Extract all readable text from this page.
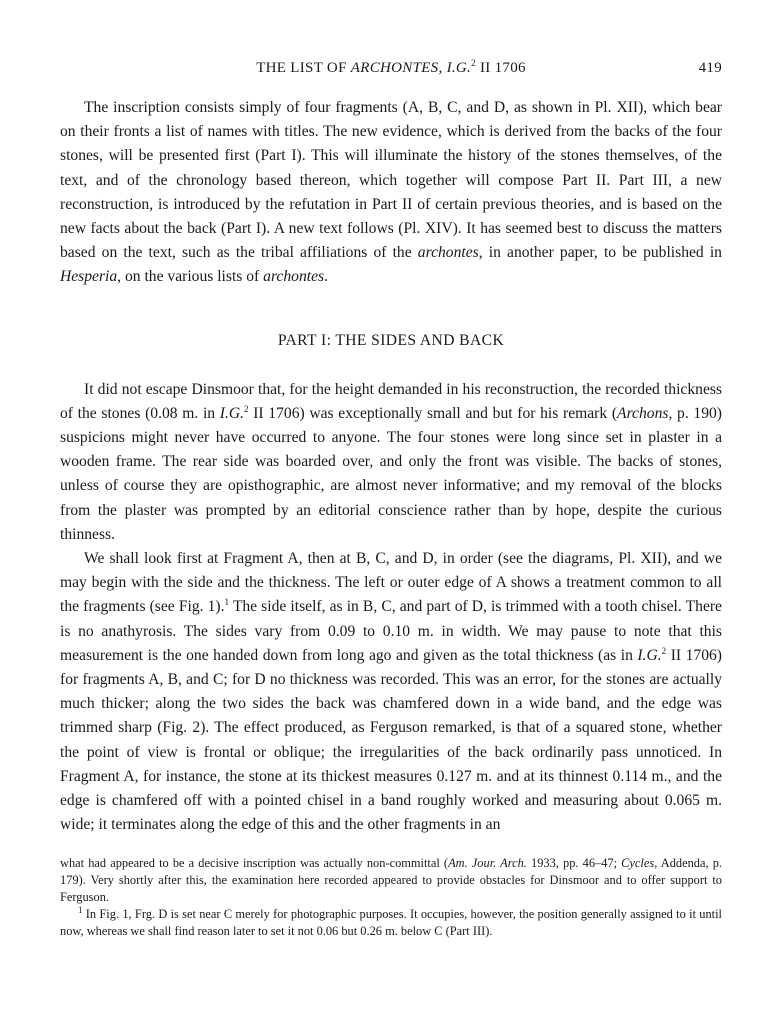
THE LIST OF ARCHONTES, I.G.$^2$ II 1706	419

The inscription consists simply of four fragments (A, B, C, and D, as shown in Pl. XII), which bear on their fronts a list of names with titles. The new evidence, which is derived from the backs of the four stones, will be presented first (Part I). This will illuminate the history of the stones themselves, of the text, and of the chronology based thereon, which together will compose Part II. Part III, a new reconstruction, is introduced by the refutation in Part II of certain previous theories, and is based on the new facts about the back (Part I). A new text follows (Pl. XIV). It has seemed best to discuss the matters based on the text, such as the tribal affiliations of the archontes, in another paper, to be published in Hesperia, on the various lists of archontes.

PART I: THE SIDES AND BACK

It did not escape Dinsmoor that, for the height demanded in his reconstruction, the recorded thickness of the stones (0.08 m. in I.G.$^2$ II 1706) was exceptionally small and but for his remark (Archons, p. 190) suspicions might never have occurred to anyone. The four stones were long since set in plaster in a wooden frame. The rear side was boarded over, and only the front was visible. The backs of stones, unless of course they are opisthographic, are almost never informative; and my removal of the blocks from the plaster was prompted by an editorial conscience rather than by hope, despite the curious thinness.

We shall look first at Fragment A, then at B, C, and D, in order (see the diagrams, Pl. XII), and we may begin with the side and the thickness. The left or outer edge of A shows a treatment common to all the fragments (see Fig. 1).$^1$ The side itself, as in B, C, and part of D, is trimmed with a tooth chisel. There is no anathyrosis. The sides vary from 0.09 to 0.10 m. in width. We may pause to note that this measurement is the one handed down from long ago and given as the total thickness (as in I.G.$^2$ II 1706) for fragments A, B, and C; for D no thickness was recorded. This was an error, for the stones are actually much thicker; along the two sides the back was chamfered down in a wide band, and the edge was trimmed sharp (Fig. 2). The effect produced, as Ferguson remarked, is that of a squared stone, whether the point of view is frontal or oblique; the irregularities of the back ordinarily pass unnoticed. In Fragment A, for instance, the stone at its thickest measures 0.127 m. and at its thinnest 0.114 m., and the edge is chamfered off with a pointed chisel in a band roughly worked and measuring about 0.065 m. wide; it terminates along the edge of this and the other fragments in an

what had appeared to be a decisive inscription was actually non-committal (Am. Jour. Arch. 1933, pp. 46–47; Cycles, Addenda, p. 179). Very shortly after this, the examination here recorded appeared to provide obstacles for Dinsmoor and to offer support to Ferguson.

$^1$ In Fig. 1, Frg. D is set near C merely for photographic purposes. It occupies, however, the position generally assigned to it until now, whereas we shall find reason later to set it not 0.06 but 0.26 m. below C (Part III).
